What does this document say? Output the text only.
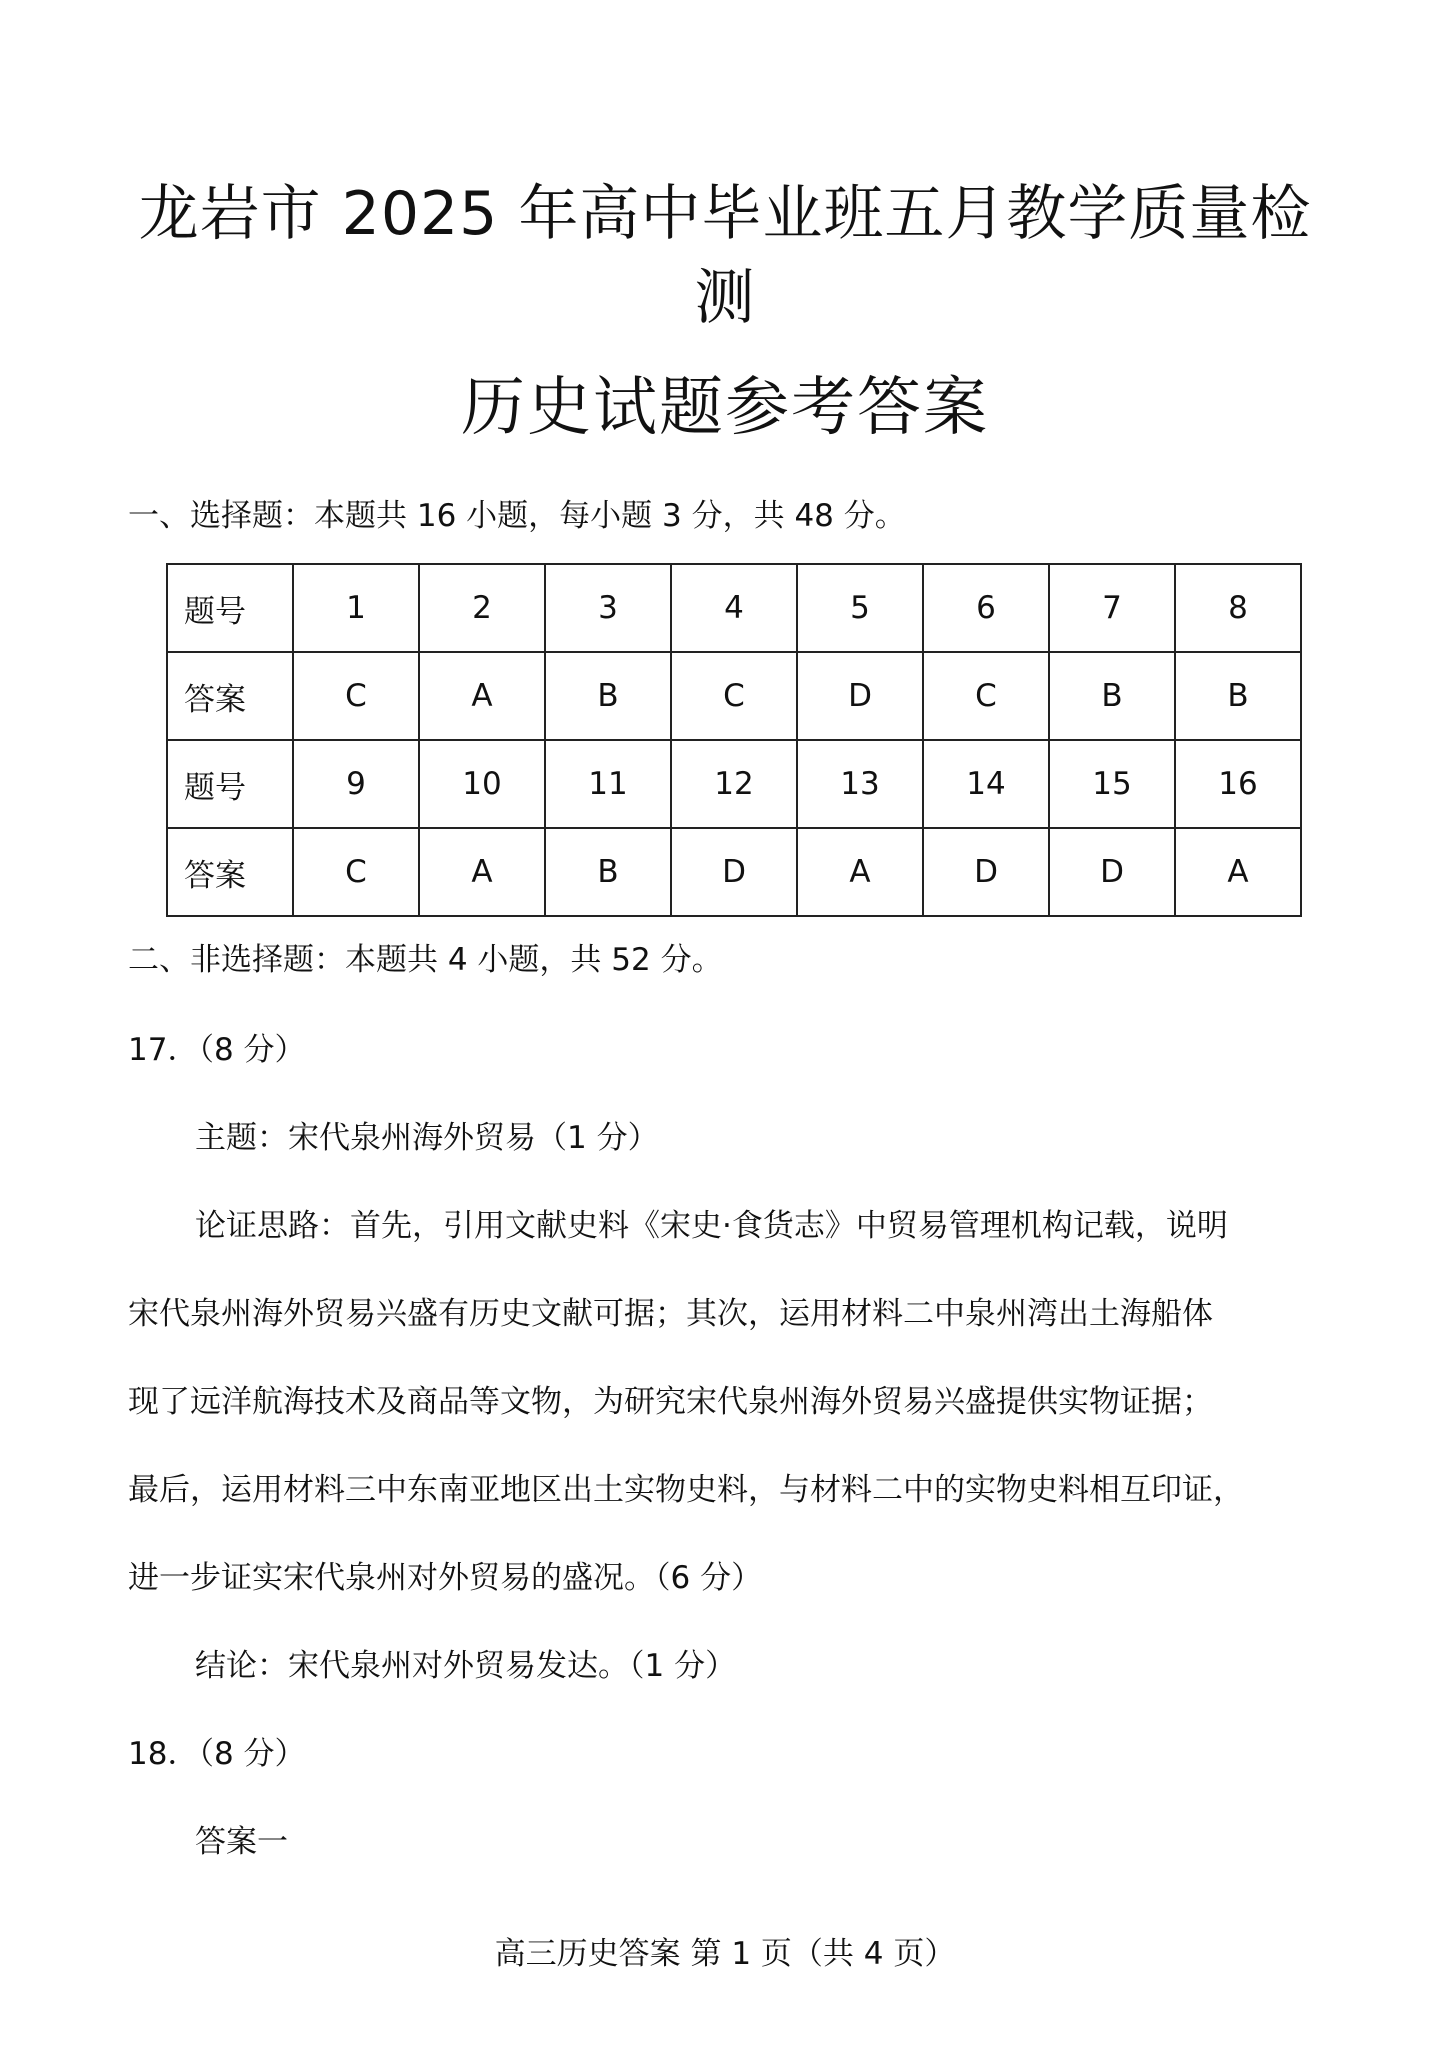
龙岩市 2025 年高中毕业班五月教学质量检
测
历史试题参考答案
一、选择题：本题共 16 小题，每小题 3 分，共 48 分。
题号	1	2	3	4	5	6	7	8
答案	C	A	B	C	D	C	B	B
题号	9	10	11	12	13	14	15	16
答案	C	A	B	D	A	D	D	A
二、非选择题：本题共 4 小题，共 52 分。
17．（8 分）
主题：宋代泉州海外贸易（1 分）
论证思路：首先，引用文献史料《宋史·食货志》中贸易管理机构记载，说明
宋代泉州海外贸易兴盛有历史文献可据；其次，运用材料二中泉州湾出土海船体
现了远洋航海技术及商品等文物，为研究宋代泉州海外贸易兴盛提供实物证据；
最后，运用材料三中东南亚地区出土实物史料，与材料二中的实物史料相互印证，
进一步证实宋代泉州对外贸易的盛况。（6 分）
结论：宋代泉州对外贸易发达。（1 分）
18．（8 分）
答案一
高三历史答案 第 1 页（共 4 页）
